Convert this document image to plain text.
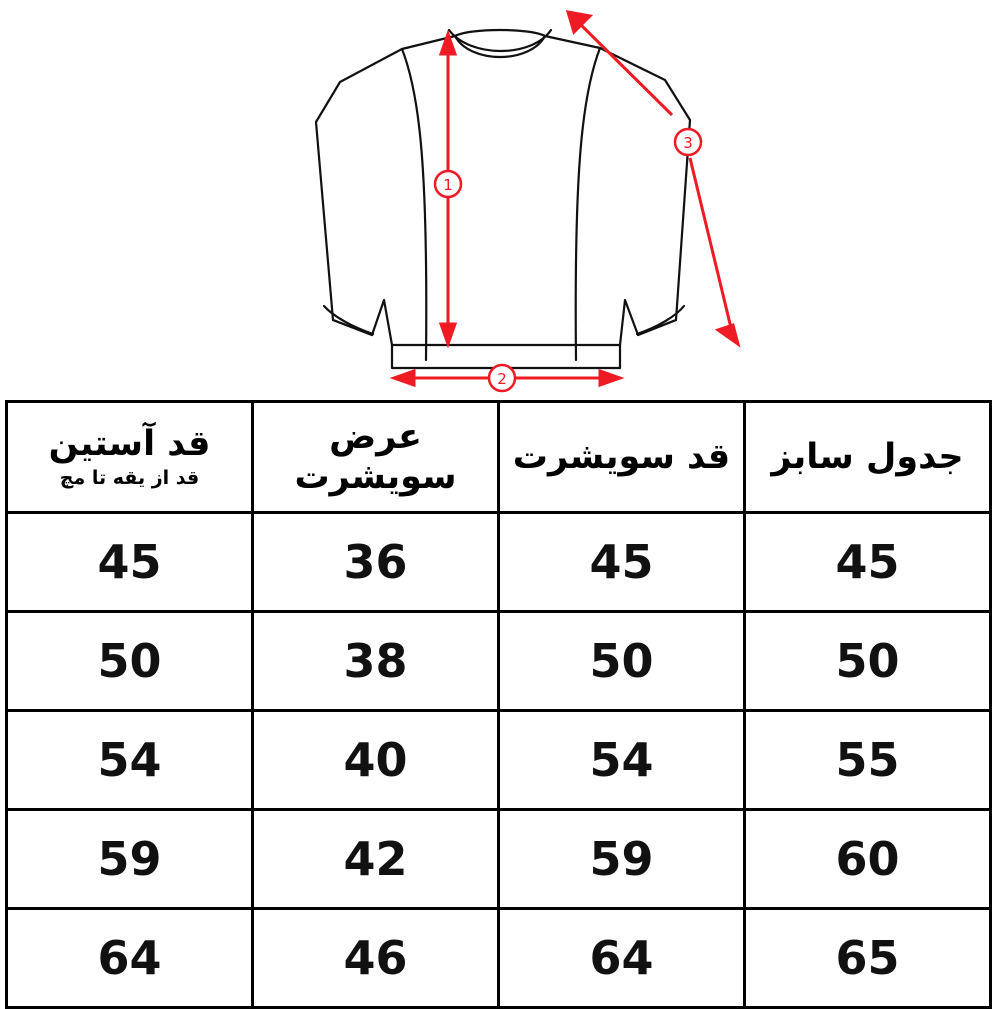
1
2
3
جدول سابز	قد سویشرت	عرض سویشرت	قد آستین
قد از یقه تا مچ

45	45	36	45
50	50	38	50
55	54	40	54
60	59	42	59
65	64	46	64
